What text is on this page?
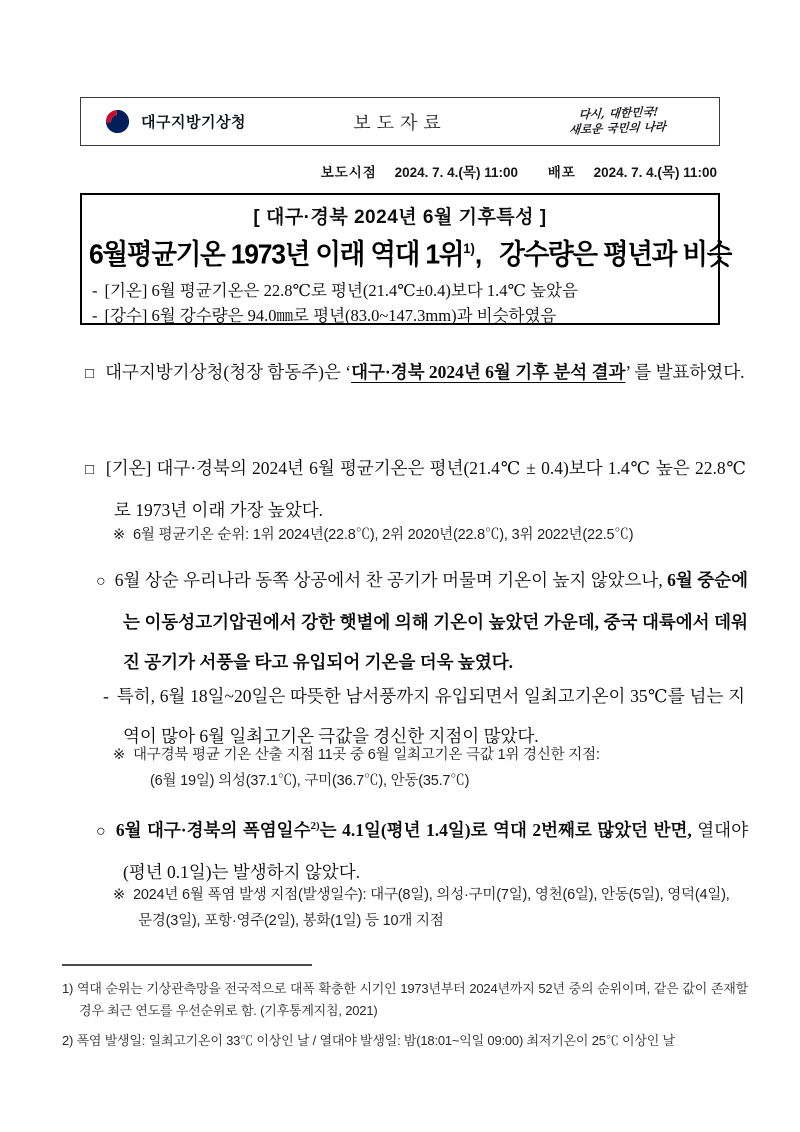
대구지방기상청	보도자료	다시, 대한민국!
새로운 국민의 나라
보도시점 2024. 7. 4.(목) 11:00 배포 2024. 7. 4.(목) 11:00
[ 대구·경북 2024년 6월 기후특성 ]
6월평균기온 1973년 이래 역대 1위$^{1)}$,  강수량은 평년과 비슷
- [기온] 6월 평균기온은 22.8℃로 평년(21.4℃±0.4)보다 1.4℃ 높았음
- [강수] 6월 강수량은 94.0㎜로 평년(83.0~147.3mm)과 비슷하였음
□ 대구지방기상청(청장 함동주)은 ‘대구·경북 2024년 6월 기후 분석 결과’ 를 발표하였다.
□ [기온] 대구·경북의 2024년 6월 평균기온은 평년(21.4℃ ± 0.4)보다 1.4℃ 높은 22.8℃로 1973년 이래 가장 높았다.
※ 6월 평균기온 순위: 1위 2024년(22.8℃), 2위 2020년(22.8℃), 3위 2022년(22.5℃)
○ 6월 상순 우리나라 동쪽 상공에서 찬 공기가 머물며 기온이 높지 않았으나, 6월 중순에는 이동성고기압권에서 강한 햇볕에 의해 기온이 높았던 가운데, 중국 대륙에서 데워진 공기가 서풍을 타고 유입되어 기온을 더욱 높였다.
- 특히, 6월 18일~20일은 따뜻한 남서풍까지 유입되면서 일최고기온이 35℃를 넘는 지역이 많아 6월 일최고기온 극값을 경신한 지점이 많았다.
※ 대구경북 평균 기온 산출 지점 11곳 중 6월 일최고기온 극값 1위 경신한 지점:
(6월 19일) 의성(37.1℃), 구미(36.7℃), 안동(35.7℃)
○ 6월 대구·경북의 폭염일수$^{2)}$는 4.1일(평년 1.4일)로 역대 2번째로 많았던 반면, 열대야(평년 0.1일)는 발생하지 않았다.
※ 2024년 6월 폭염 발생 지점(발생일수): 대구(8일), 의성·구미(7일), 영천(6일), 안동(5일), 영덕(4일), 문경(3일), 포항·영주(2일), 봉화(1일) 등 10개 지점
1) 역대 순위는 기상관측망을 전국적으로 대폭 확충한 시기인 1973년부터 2024년까지 52년 중의 순위이며, 같은 값이 존재할 경우 최근 연도를 우선순위로 함. (기후통계지침, 2021)
2) 폭염 발생일: 일최고기온이 33℃ 이상인 날 / 열대야 발생일: 밤(18:01~익일 09:00) 최저기온이 25℃ 이상인 날
